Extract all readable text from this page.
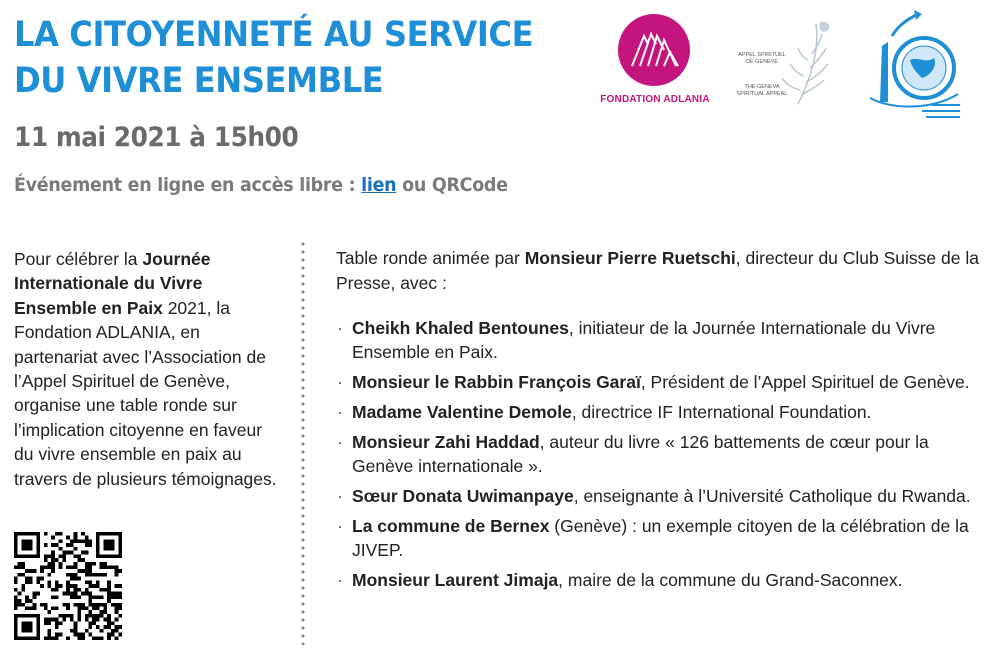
LA CITOYENNETÉ AU SERVICE
DU VIVRE ENSEMBLE
11 mai 2021 à 15h00
Événement en ligne en accès libre : lien ou QRCode
FONDATION ADLANIA
APPEL SPIRITUEL
DE GENÈVE
THE GENEVA
SPIRITUAL APPEAL
Pour célébrer la Journée Internationale du Vivre Ensemble en Paix 2021, la Fondation ADLANIA, en partenariat avec l’Association de l’Appel Spirituel de Genève, organise une table ronde sur l’implication citoyenne en faveur du vivre ensemble en paix au travers de plusieurs témoignages.
Table ronde animée par Monsieur Pierre Ruetschi, directeur du Club Suisse de la Presse, avec :
· Cheikh Khaled Bentounes, initiateur de la Journée Internationale du Vivre Ensemble en Paix.
· Monsieur le Rabbin François Garaï, Président de l’Appel Spirituel de Genève.
· Madame Valentine Demole, directrice IF International Foundation.
· Monsieur Zahi Haddad, auteur du livre « 126 battements de cœur pour la Genève internationale ».
· Sœur Donata Uwimanpaye, enseignante à l’Université Catholique du Rwanda.
· La commune de Bernex (Genève) : un exemple citoyen de la célébration de la JIVEP.
· Monsieur Laurent Jimaja, maire de la commune du Grand-Saconnex.
